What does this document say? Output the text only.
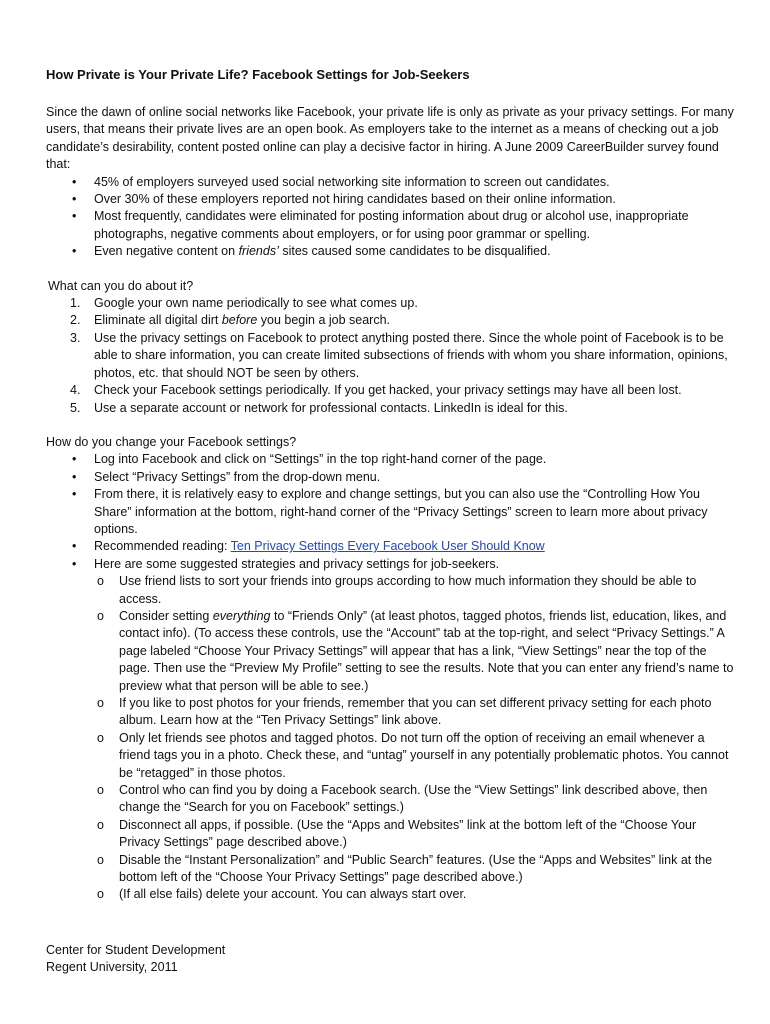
How Private is Your Private Life? Facebook Settings for Job-Seekers

Since the dawn of online social networks like Facebook, your private life is only as private as your privacy settings. For many users, that means their private lives are an open book. As employers take to the internet as a means of checking out a job candidate’s desirability, content posted online can play a decisive factor in hiring. A June 2009 CareerBuilder survey found that:

• 45% of employers surveyed used social networking site information to screen out candidates.
• Over 30% of these employers reported not hiring candidates based on their online information.
• Most frequently, candidates were eliminated for posting information about drug or alcohol use, inappropriate photographs, negative comments about employers, or for using poor grammar or spelling.
• Even negative content on friends’ sites caused some candidates to be disqualified.

What can you do about it?

1. Google your own name periodically to see what comes up.
2. Eliminate all digital dirt before you begin a job search.
3. Use the privacy settings on Facebook to protect anything posted there. Since the whole point of Facebook is to be able to share information, you can create limited subsections of friends with whom you share information, opinions, photos, etc. that should NOT be seen by others.
4. Check your Facebook settings periodically. If you get hacked, your privacy settings may have all been lost.
5. Use a separate account or network for professional contacts. LinkedIn is ideal for this.

How do you change your Facebook settings?

• Log into Facebook and click on “Settings” in the top right-hand corner of the page.
• Select “Privacy Settings” from the drop-down menu.
• From there, it is relatively easy to explore and change settings, but you can also use the “Controlling How You Share” information at the bottom, right-hand corner of the “Privacy Settings” screen to learn more about privacy options.
• Recommended reading: Ten Privacy Settings Every Facebook User Should Know
• Here are some suggested strategies and privacy settings for job-seekers.
o Use friend lists to sort your friends into groups according to how much information they should be able to access.
o Consider setting everything to “Friends Only” (at least photos, tagged photos, friends list, education, likes, and contact info). (To access these controls, use the “Account” tab at the top-right, and select “Privacy Settings.” A page labeled “Choose Your Privacy Settings” will appear that has a link, “View Settings” near the top of the page. Then use the “Preview My Profile” setting to see the results. Note that you can enter any friend’s name to preview what that person will be able to see.)
o If you like to post photos for your friends, remember that you can set different privacy setting for each photo album. Learn how at the “Ten Privacy Settings” link above.
o Only let friends see photos and tagged photos. Do not turn off the option of receiving an email whenever a friend tags you in a photo. Check these, and “untag” yourself in any potentially problematic photos. You cannot be “retagged” in those photos.
o Control who can find you by doing a Facebook search. (Use the “View Settings” link described above, then change the “Search for you on Facebook” settings.)
o Disconnect all apps, if possible. (Use the “Apps and Websites” link at the bottom left of the “Choose Your Privacy Settings” page described above.)
o Disable the “Instant Personalization” and “Public Search” features. (Use the “Apps and Websites” link at the bottom left of the “Choose Your Privacy Settings” page described above.)
o (If all else fails) delete your account. You can always start over.
Center for Student Development
Regent University, 2011
